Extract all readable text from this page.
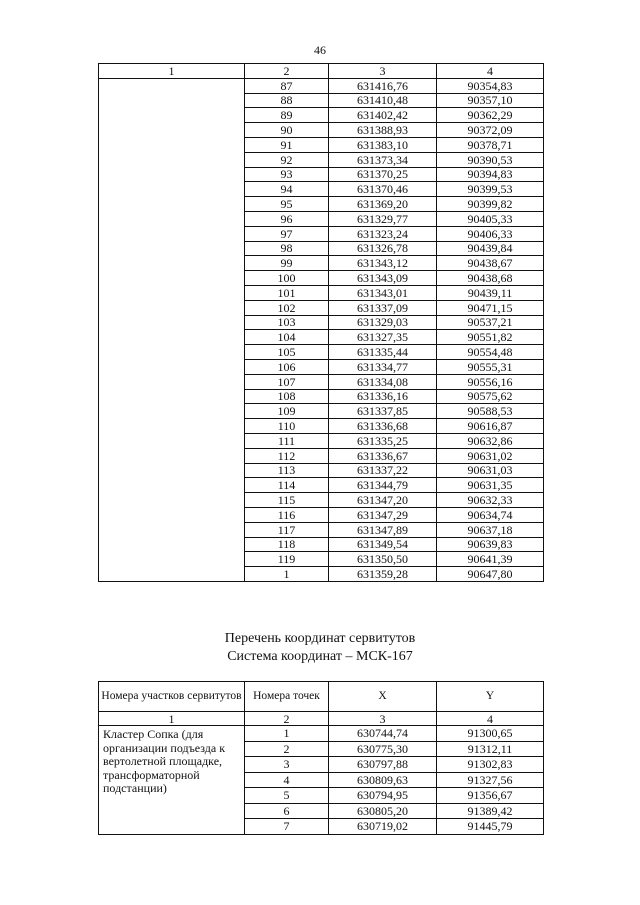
46
1	2	3	4
	87	631416,76	90354,83
	88	631410,48	90357,10
	89	631402,42	90362,29
	90	631388,93	90372,09
	91	631383,10	90378,71
	92	631373,34	90390,53
	93	631370,25	90394,83
	94	631370,46	90399,53
	95	631369,20	90399,82
	96	631329,77	90405,33
	97	631323,24	90406,33
	98	631326,78	90439,84
	99	631343,12	90438,67
	100	631343,09	90438,68
	101	631343,01	90439,11
	102	631337,09	90471,15
	103	631329,03	90537,21
	104	631327,35	90551,82
	105	631335,44	90554,48
	106	631334,77	90555,31
	107	631334,08	90556,16
	108	631336,16	90575,62
	109	631337,85	90588,53
	110	631336,68	90616,87
	111	631335,25	90632,86
	112	631336,67	90631,02
	113	631337,22	90631,03
	114	631344,79	90631,35
	115	631347,20	90632,33
	116	631347,29	90634,74
	117	631347,89	90637,18
	118	631349,54	90639,83
	119	631350,50	90641,39
	1	631359,28	90647,80
Перечень координат сервитутов
Система координат – МСК-167
Номера участков сервитутов	Номера точек	X	Y
1	2	3	4
Кластер Сопка (для организации подъезда к вертолетной площадке, трансформаторной подстанции)	1	630744,74	91300,65
	2	630775,30	91312,11
	3	630797,88	91302,83
	4	630809,63	91327,56
	5	630794,95	91356,67
	6	630805,20	91389,42
	7	630719,02	91445,79
